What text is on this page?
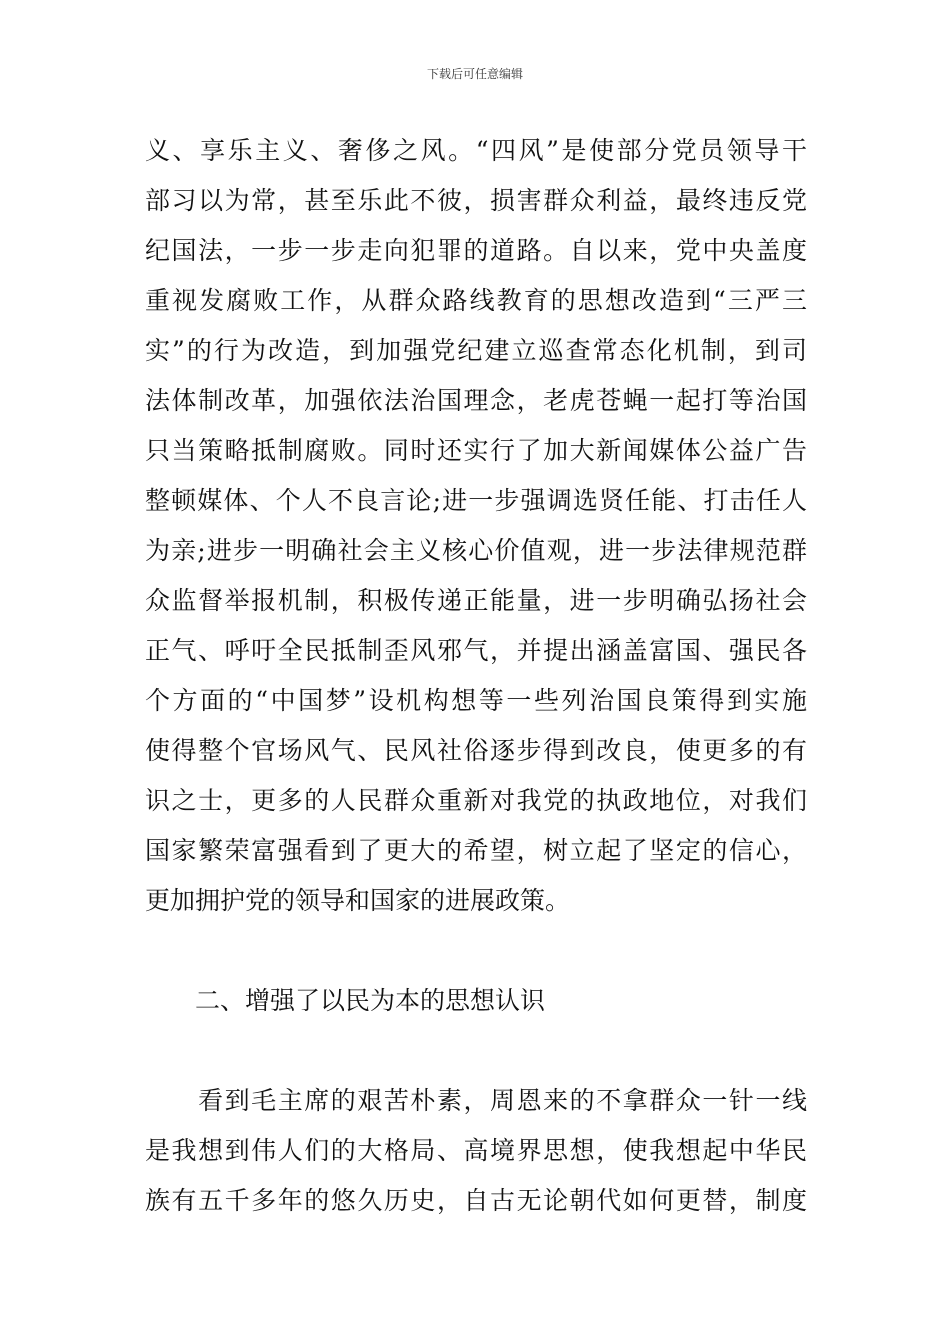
下载后可任意编辑
义、享乐主义、奢侈之风。“四风”是使部分党员领导干
部习以为常，甚至乐此不彼，损害群众利益，最终违反党
纪国法，一步一步走向犯罪的道路。自以来，党中央盖度
重视发腐败工作，从群众路线教育的思想改造到“三严三
实”的行为改造，到加强党纪建立巡查常态化机制，到司
法体制改革，加强依法治国理念，老虎苍蝇一起打等治国
只当策略抵制腐败。同时还实行了加大新闻媒体公益广告
整顿媒体、个人不良言论;进一步强调选贤任能、打击任人
为亲;进步一明确社会主义核心价值观，进一步法律规范群
众监督举报机制，积极传递正能量，进一步明确弘扬社会
正气、呼吁全民抵制歪风邪气，并提出涵盖富国、强民各
个方面的“中国梦”设机构想等一些列治国良策得到实施
使得整个官场风气、民风社俗逐步得到改良，使更多的有
识之士，更多的人民群众重新对我党的执政地位，对我们
国家繁荣富强看到了更大的希望，树立起了坚定的信心，
更加拥护党的领导和国家的进展政策。
二、增强了以民为本的思想认识
　　看到毛主席的艰苦朴素，周恩来的不拿群众一针一线
是我想到伟人们的大格局、高境界思想，使我想起中华民
族有五千多年的悠久历史，自古无论朝代如何更替，制度
